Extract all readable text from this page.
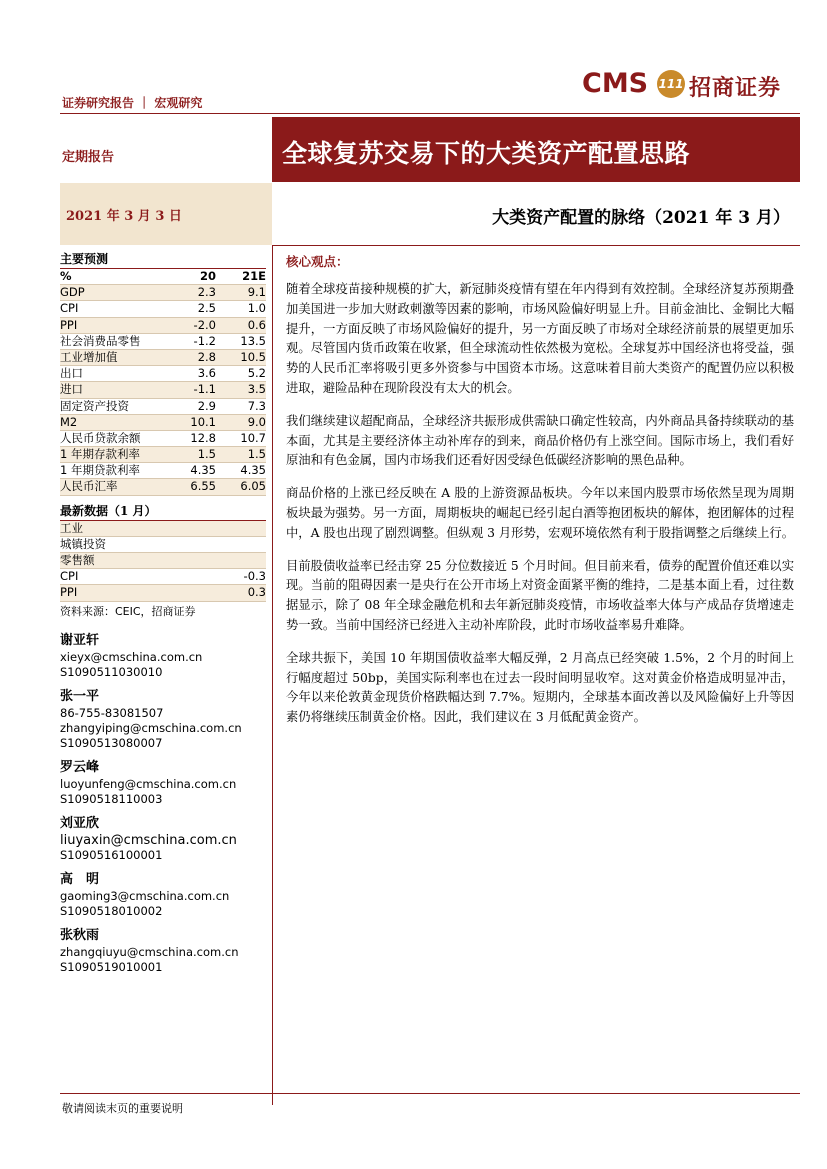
证券研究报告 ｜ 宏观研究
CMS 111 招商证券
定期报告	全球复苏交易下的大类资产配置思路
2021 年 3 月 3 日	大类资产配置的脉络（2021 年 3 月）
主要预测
%	20	21E
GDP	2.3	9.1
CPI	2.5	1.0
PPI	-2.0	0.6
社会消费品零售	-1.2	13.5
工业增加值	2.8	10.5
出口	3.6	5.2
进口	-1.1	3.5
固定资产投资	2.9	7.3
M2	10.1	9.0
人民币贷款余额	12.8	10.7
1 年期存款利率	1.5	1.5
1 年期贷款利率	4.35	4.35
人民币汇率	6.55	6.05
最新数据（1 月）
工业
城镇投资
零售额
CPI	-0.3
PPI	0.3
资料来源：CEIC，招商证券
谢亚轩
xieyx@cmschina.com.cn
S1090511030010
张一平
86-755-83081507
zhangyiping@cmschina.com.cn
S1090513080007
罗云峰
luoyunfeng@cmschina.com.cn
S1090518110003
刘亚欣
liuyaxin@cmschina.com.cn
S1090516100001
高　明
gaoming3@cmschina.com.cn
S1090518010002
张秋雨
zhangqiuyu@cmschina.com.cn
S1090519010001
核心观点：

随着全球疫苗接种规模的扩大，新冠肺炎疫情有望在年内得到有效控制。全球经济复苏预期叠加美国进一步加大财政刺激等因素的影响，市场风险偏好明显上升。目前金油比、金铜比大幅提升，一方面反映了市场风险偏好的提升，另一方面反映了市场对全球经济前景的展望更加乐观。尽管国内货币政策在收紧，但全球流动性依然极为宽松。全球复苏中国经济也将受益，强势的人民币汇率将吸引更多外资参与中国资本市场。这意味着目前大类资产的配置仍应以积极进取，避险品种在现阶段没有太大的机会。

我们继续建议超配商品，全球经济共振形成供需缺口确定性较高，内外商品具备持续联动的基本面，尤其是主要经济体主动补库存的到来，商品价格仍有上涨空间。国际市场上，我们看好原油和有色金属，国内市场我们还看好因受绿色低碳经济影响的黑色品种。

商品价格的上涨已经反映在 A 股的上游资源品板块。今年以来国内股票市场依然呈现为周期板块最为强势。另一方面，周期板块的崛起已经引起白酒等抱团板块的解体，抱团解体的过程中，A 股也出现了剧烈调整。但纵观 3 月形势，宏观环境依然有利于股指调整之后继续上行。

目前股债收益率已经击穿 25 分位数接近 5 个月时间。但目前来看，债券的配置价值还难以实现。当前的阻碍因素一是央行在公开市场上对资金面紧平衡的维持，二是基本面上看，过往数据显示，除了 08 年全球金融危机和去年新冠肺炎疫情，市场收益率大体与产成品存货增速走势一致。当前中国经济已经进入主动补库阶段，此时市场收益率易升难降。

全球共振下，美国 10 年期国债收益率大幅反弹，2 月高点已经突破 1.5%，2 个月的时间上行幅度超过 50bp，美国实际利率也在过去一段时间明显收窄。这对黄金价格造成明显冲击，今年以来伦敦黄金现货价格跌幅达到 7.7%。短期内，全球基本面改善以及风险偏好上升等因素仍将继续压制黄金价格。因此，我们建议在 3 月低配黄金资产。

敬请阅读末页的重要说明
